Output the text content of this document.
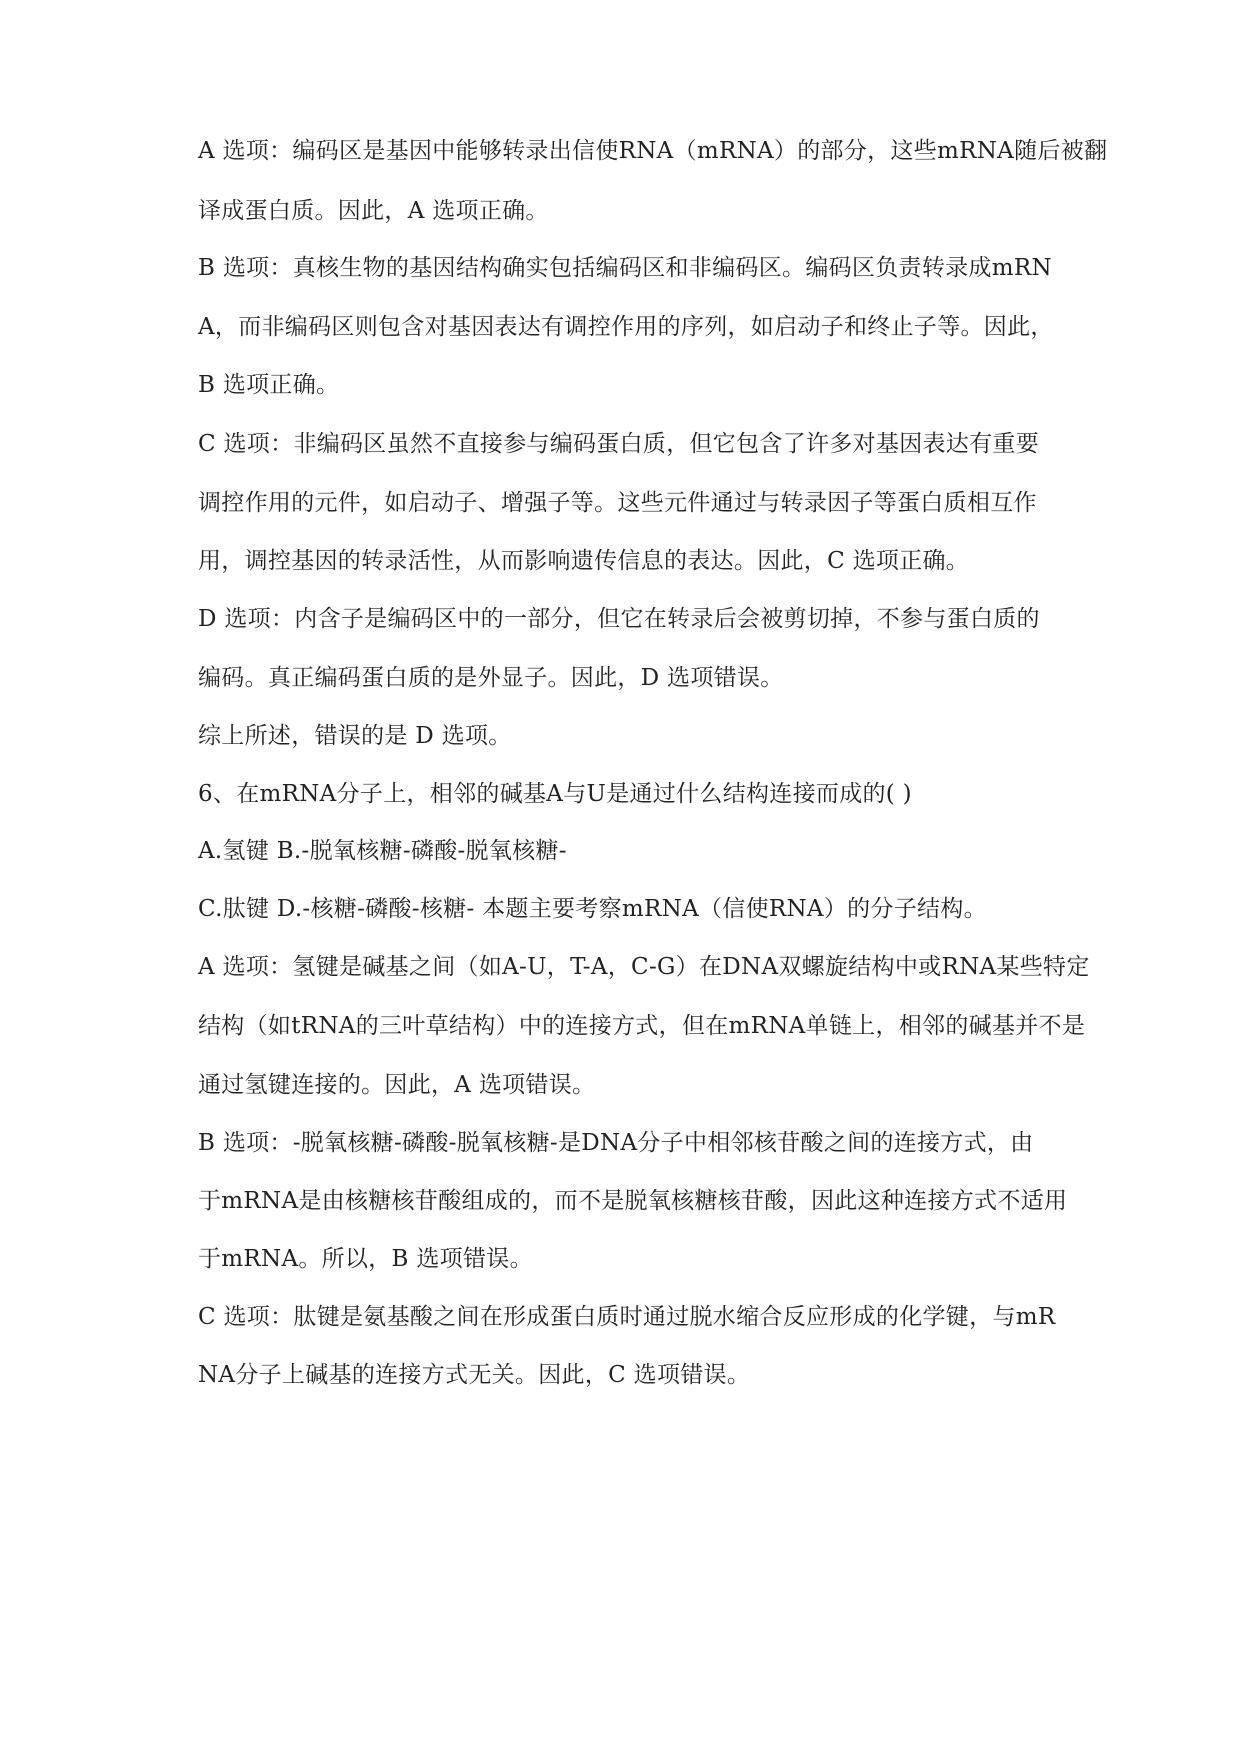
A 选项：编码区是基因中能够转录出信使RNA（mRNA）的部分，这些mRNA随后被翻
译成蛋白质。因此，A 选项正确。
B 选项：真核生物的基因结构确实包括编码区和非编码区。编码区负责转录成mRN
A，而非编码区则包含对基因表达有调控作用的序列，如启动子和终止子等。因此，
B 选项正确。
C 选项：非编码区虽然不直接参与编码蛋白质，但它包含了许多对基因表达有重要
调控作用的元件，如启动子、增强子等。这些元件通过与转录因子等蛋白质相互作
用，调控基因的转录活性，从而影响遗传信息的表达。因此，C 选项正确。
D 选项：内含子是编码区中的一部分，但它在转录后会被剪切掉，不参与蛋白质的
编码。真正编码蛋白质的是外显子。因此，D 选项错误。
综上所述，错误的是 D 选项。
6、在mRNA分子上，相邻的碱基A与U是通过什么结构连接而成的( )
A.氢键 B.-脱氧核糖-磷酸-脱氧核糖-
C.肽键 D.-核糖-磷酸-核糖- 本题主要考察mRNA（信使RNA）的分子结构。
A 选项：氢键是碱基之间（如A-U，T-A，C-G）在DNA双螺旋结构中或RNA某些特定
结构（如tRNA的三叶草结构）中的连接方式，但在mRNA单链上，相邻的碱基并不是
通过氢键连接的。因此，A 选项错误。
B 选项：-脱氧核糖-磷酸-脱氧核糖-是DNA分子中相邻核苷酸之间的连接方式，由
于mRNA是由核糖核苷酸组成的，而不是脱氧核糖核苷酸，因此这种连接方式不适用
于mRNA。所以，B 选项错误。
C 选项：肽键是氨基酸之间在形成蛋白质时通过脱水缩合反应形成的化学键，与mR
NA分子上碱基的连接方式无关。因此，C 选项错误。
